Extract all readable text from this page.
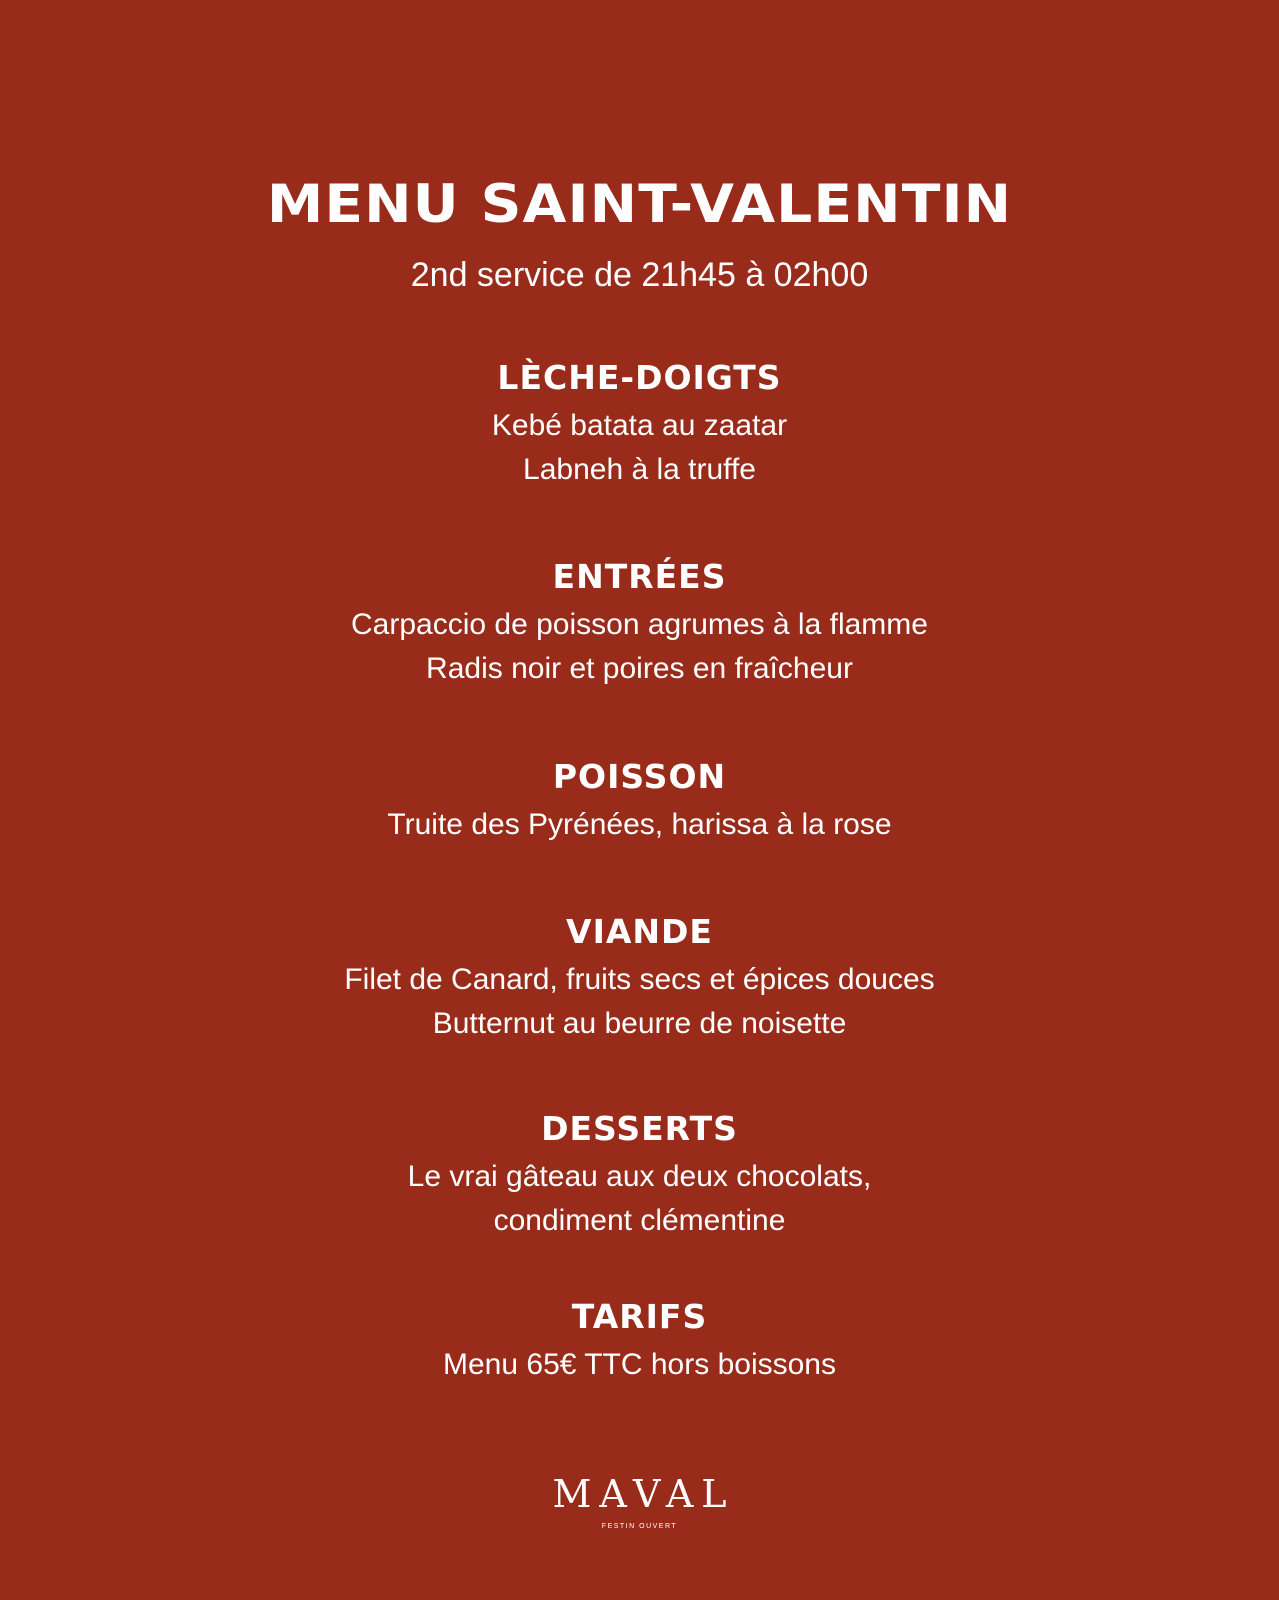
MENU SAINT-VALENTIN
2nd service de 21h45 à 02h00
LÈCHE-DOIGTS
Kebé batata au zaatar
Labneh à la truffe
ENTRÉES
Carpaccio de poisson agrumes à la flamme
Radis noir et poires en fraîcheur
POISSON
Truite des Pyrénées, harissa à la rose
VIANDE
Filet de Canard, fruits secs et épices douces
Butternut au beurre de noisette
DESSERTS
Le vrai gâteau aux deux chocolats,
condiment clémentine
TARIFS
Menu 65€ TTC hors boissons
MAVAL
FESTIN OUVERT
